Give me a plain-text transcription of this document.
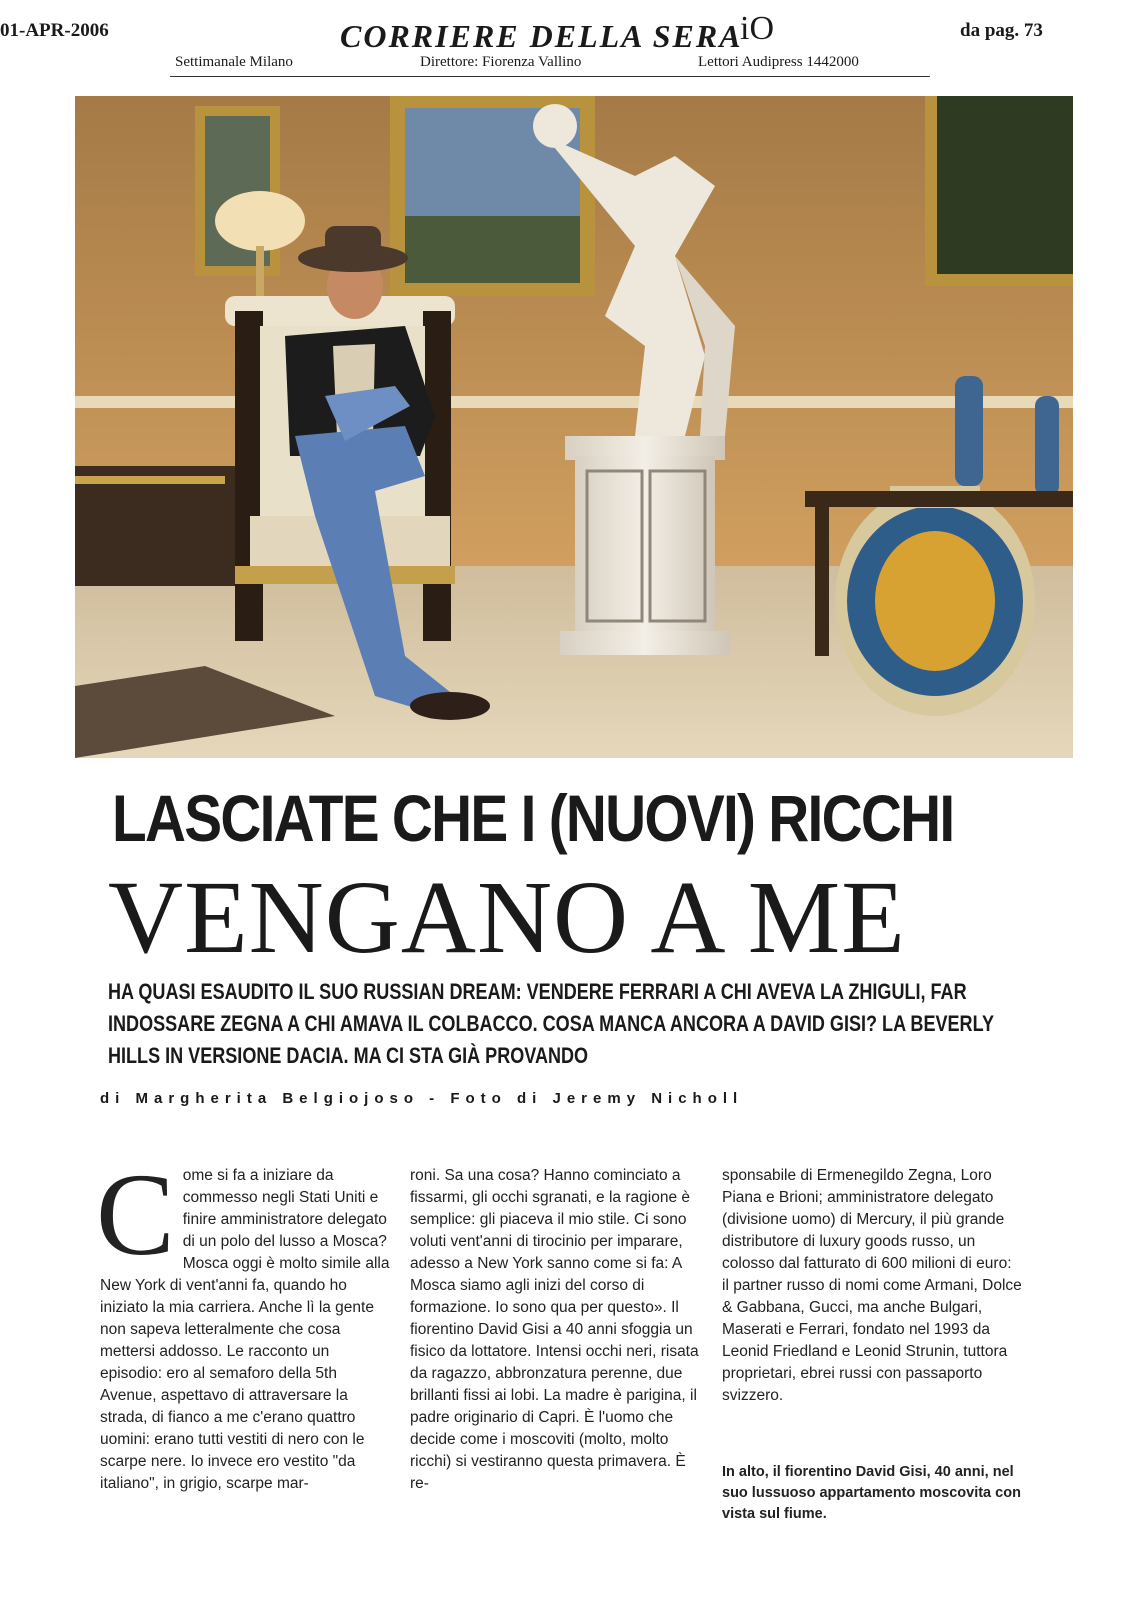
01-APR-2006	CORRIERE DELLA SERA
iO	da pag. 73
Settimanale Milano	Direttore: Fiorenza Vallino	Lettori Audipress 1442000
LASCIATE CHE I (NUOVI) RICCHI
VENGANO A ME
HA QUASI ESAUDITO IL SUO RUSSIAN DREAM: VENDERE FERRARI A CHI AVEVA LA ZHIGULI, FAR INDOSSARE ZEGNA A CHI AMAVA IL COLBACCO. COSA MANCA ANCORA A DAVID GISI? LA BEVERLY HILLS IN VERSIONE DACIA. MA CI STA GIÀ PROVANDO
di Margherita Belgiojoso - Foto di Jeremy Nicholl
Come si fa a iniziare da commesso negli Stati Uniti e finire amministratore delegato di un polo del lusso a Mosca? Mosca oggi è molto simile alla New York di vent'anni fa, quando ho iniziato la mia carriera. Anche lì la gente non sapeva letteralmente che cosa mettersi addosso. Le racconto un episodio: ero al semaforo della 5th Avenue, aspettavo di attraversare la strada, di fianco a me c'erano quattro uomini: erano tutti vestiti di nero con le scarpe nere. Io invece ero vestito "da italiano", in grigio, scarpe mar-
roni. Sa una cosa? Hanno cominciato a fissarmi, gli occhi sgranati, e la ragione è semplice: gli piaceva il mio stile. Ci sono voluti vent'anni di tirocinio per imparare, adesso a New York sanno come si fa: A Mosca siamo agli inizi del corso di formazione. Io sono qua per questo». Il fiorentino David Gisi a 40 anni sfoggia un fisico da lottatore. Intensi occhi neri, risata da ragazzo, abbronzatura perenne, due brillanti fissi ai lobi. La madre è parigina, il padre originario di Capri. È l'uomo che decide come i moscoviti (molto, molto ricchi) si vestiranno questa primavera. È re-
sponsabile di Ermenegildo Zegna, Loro Piana e Brioni; amministratore delegato (divisione uomo) di Mercury, il più grande distributore di luxury goods russo, un colosso dal fatturato di 600 milioni di euro: il partner russo di nomi come Armani, Dolce & Gabbana, Gucci, ma anche Bulgari, Maserati e Ferrari, fondato nel 1993 da Leonid Friedland e Leonid Strunin, tuttora proprietari, ebrei russi con passaporto svizzero.
In alto, il fiorentino David Gisi, 40 anni, nel suo lussuoso appartamento moscovita con vista sul fiume.
